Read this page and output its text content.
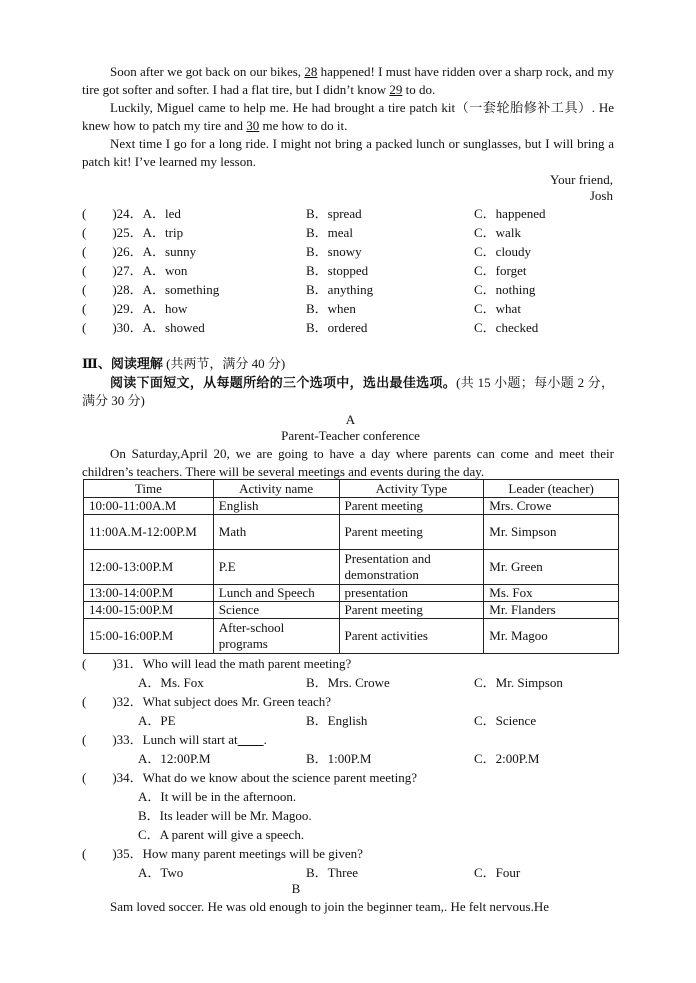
Soon after we got back on our bikes, 28 happened! I must have ridden over a sharp rock, and my tire got softer and softer. I had a flat tire, but I didn’t know 29 to do.
Luckily, Miguel came to help me. He had brought a tire patch kit（一套轮胎修补工具）. He knew how to patch my tire and 30 me how to do it.
Next time I go for a long ride. I might not bring a packed lunch or sunglasses, but I will bring a patch kit! I’ve learned my lesson.
Your friend,
Josh
(　　)24．A．led	B．spread	C．happened
(　　)25．A．trip	B．meal	C．walk
(　　)26．A．sunny	B．snowy	C．cloudy
(　　)27．A．won	B．stopped	C．forget
(　　)28．A．something	B．anything	C．nothing
(　　)29．A．how	B．when	C．what
(　　)30．A．showed	B．ordered	C．checked
Ⅲ、阅读理解 (共两节，满分 40 分)
阅读下面短文，从每题所给的三个选项中，选出最佳选项。(共 15 小题；每小题 2 分，满分 30 分)
A
Parent-Teacher conference
On Saturday,April 20, we are going to have a day where parents can come and meet their children’s teachers. There will be several meetings and events during the day.
Time	Activity name	Activity Type	Leader (teacher)
10:00-11:00A.M	English	Parent meeting	Mrs. Crowe
11:00A.M-12:00P.M	Math	Parent meeting	Mr. Simpson
12:00-13:00P.M	P.E	Presentation and demonstration	Mr. Green
13:00-14:00P.M	Lunch and Speech	presentation	Ms. Fox
14:00-15:00P.M	Science	Parent meeting	Mr. Flanders
15:00-16:00P.M	After-school programs	Parent activities	Mr. Magoo
(　　)31．Who will lead the math parent meeting?
A．Ms. Fox	B．Mrs. Crowe	C．Mr. Simpson
(　　)32．What subject does Mr. Green teach?
A．PE	B．English	C．Science
(　　)33．Lunch will start at　　 .
A．12:00P.M	B．1:00P.M	C．2:00P.M
(　　)34．What do we know about the science parent meeting?
A．It will be in the afternoon.
B．Its leader will be Mr. Magoo.
C．A parent will give a speech.
(　　)35．How many parent meetings will be given?
A．Two	B．Three	C．Four
B
Sam loved soccer. He was old enough to join the beginner team,. He felt nervous.He
